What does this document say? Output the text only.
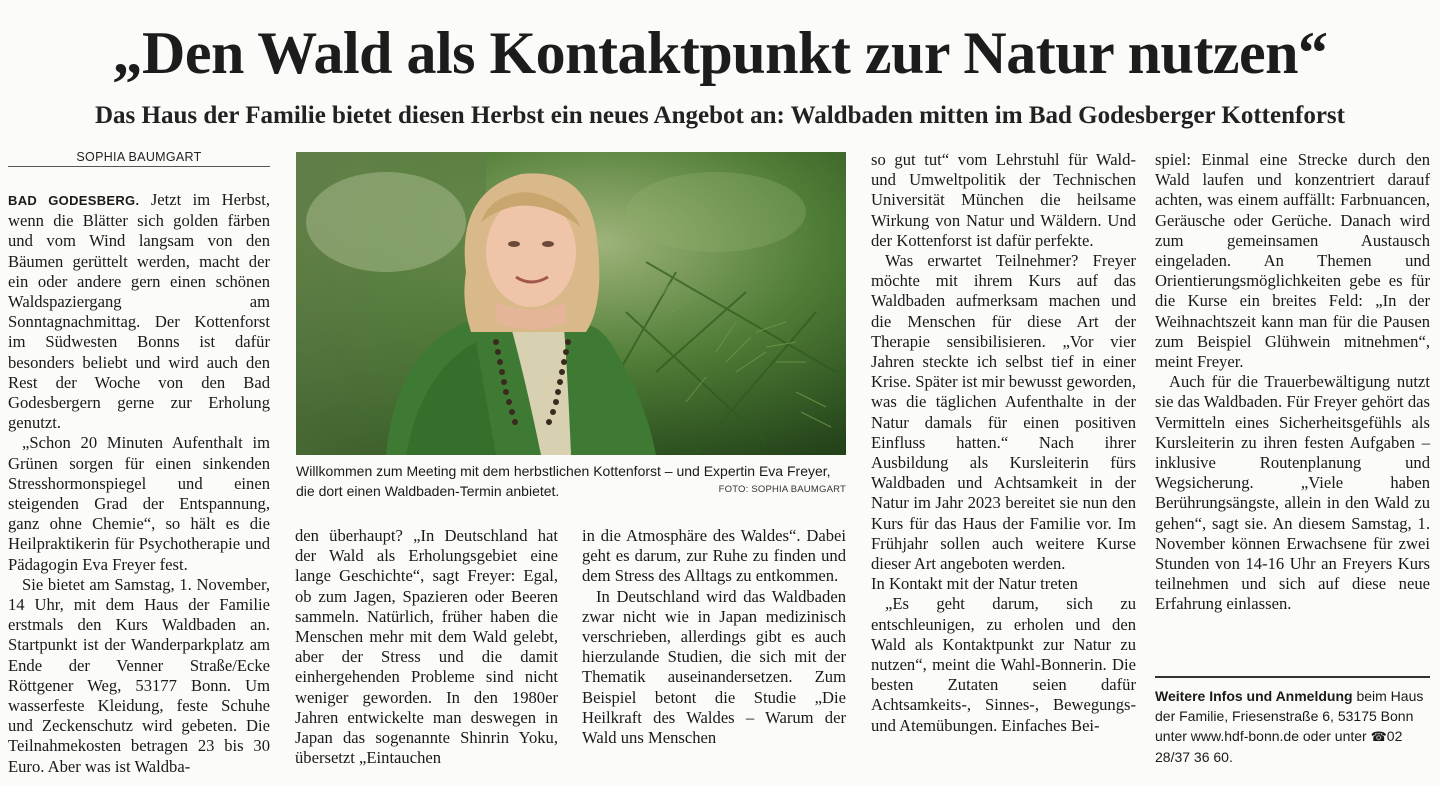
„Den Wald als Kontaktpunkt zur Natur nutzen“
Das Haus der Familie bietet diesen Herbst ein neues Angebot an: Waldbaden mitten im Bad Godesberger Kottenforst
SOPHIA BAUMGART

BAD GODESBERG. Jetzt im Herbst, wenn die Blätter sich golden färben und vom Wind langsam von den Bäumen gerüttelt werden, macht der ein oder andere gern einen schönen Waldspaziergang am Sonntagnachmittag. Der Kottenforst im Südwesten Bonns ist dafür besonders beliebt und wird auch den Rest der Woche von den Bad Godesbergern gerne zur Erholung genutzt.

„Schon 20 Minuten Aufenthalt im Grünen sorgen für einen sinkenden Stresshormonspiegel und einen steigenden Grad der Entspannung, ganz ohne Chemie“, so hält es die Heilpraktikerin für Psychotherapie und Pädagogin Eva Freyer fest.

Sie bietet am Samstag, 1. November, 14 Uhr, mit dem Haus der Familie erstmals den Kurs Waldbaden an. Startpunkt ist der Wanderparkplatz am Ende der Venner Straße/Ecke Röttgener Weg, 53177 Bonn. Um wasserfeste Kleidung, feste Schuhe und Zeckenschutz wird gebeten. Die Teilnahmekosten betragen 23 bis 30 Euro. Aber was ist Waldba-

Willkommen zum Meeting mit dem herbstlichen Kottenforst – und Expertin Eva Freyer, die dort einen Waldbaden-Termin anbietet.	FOTO: SOPHIA BAUMGART

den überhaupt? „In Deutschland hat der Wald als Erholungsgebiet eine lange Geschichte“, sagt Freyer: Egal, ob zum Jagen, Spazieren oder Beeren sammeln. Natürlich, früher haben die Menschen mehr mit dem Wald gelebt, aber der Stress und die damit einhergehenden Probleme sind nicht weniger geworden. In den 1980er Jahren entwickelte man deswegen in Japan das sogenannte Shinrin Yoku, übersetzt „Eintauchen

in die Atmosphäre des Waldes“. Dabei geht es darum, zur Ruhe zu finden und dem Stress des Alltags zu entkommen.

In Deutschland wird das Waldbaden zwar nicht wie in Japan medizinisch verschrieben, allerdings gibt es auch hierzulande Studien, die sich mit der Thematik auseinandersetzen. Zum Beispiel betont die Studie „Die Heilkraft des Waldes – Warum der Wald uns Menschen

so gut tut“ vom Lehrstuhl für Wald- und Umweltpolitik der Technischen Universität München die heilsame Wirkung von Natur und Wäldern. Und der Kottenforst ist dafür perfekte.

Was erwartet Teilnehmer? Freyer möchte mit ihrem Kurs auf das Waldbaden aufmerksam machen und die Menschen für diese Art der Therapie sensibilisieren. „Vor vier Jahren steckte ich selbst tief in einer Krise. Später ist mir bewusst geworden, was die täglichen Aufenthalte in der Natur damals für einen positiven Einfluss hatten.“ Nach ihrer Ausbildung als Kursleiterin fürs Waldbaden und Achtsamkeit in der Natur im Jahr 2023 bereitet sie nun den Kurs für das Haus der Familie vor. Im Frühjahr sollen auch weitere Kurse dieser Art angeboten werden.

In Kontakt mit der Natur treten

„Es geht darum, sich zu entschleunigen, zu erholen und den Wald als Kontaktpunkt zur Natur zu nutzen“, meint die Wahl-Bonnerin. Die besten Zutaten seien dafür Achtsamkeits-, Sinnes-, Bewegungs- und Atemübungen. Einfaches Bei-

spiel: Einmal eine Strecke durch den Wald laufen und konzentriert darauf achten, was einem auffällt: Farbnuancen, Geräusche oder Gerüche. Danach wird zum gemeinsamen Austausch eingeladen. An Themen und Orientierungsmöglichkeiten gebe es für die Kurse ein breites Feld: „In der Weihnachtszeit kann man für die Pausen zum Beispiel Glühwein mitnehmen“, meint Freyer.

Auch für die Trauerbewältigung nutzt sie das Waldbaden. Für Freyer gehört das Vermitteln eines Sicherheitsgefühls als Kursleiterin zu ihren festen Aufgaben – inklusive Routenplanung und Wegsicherung. „Viele haben Berührungsängste, allein in den Wald zu gehen“, sagt sie. An diesem Samstag, 1. November können Erwachsene für zwei Stunden von 14-16 Uhr an Freyers Kurs teilnehmen und sich auf diese neue Erfahrung einlassen.

Weitere Infos und Anmeldung beim Haus der Familie, Friesenstraße 6, 53175 Bonn unter www.hdf-bonn.de oder unter ☎02 28/37 36 60.
